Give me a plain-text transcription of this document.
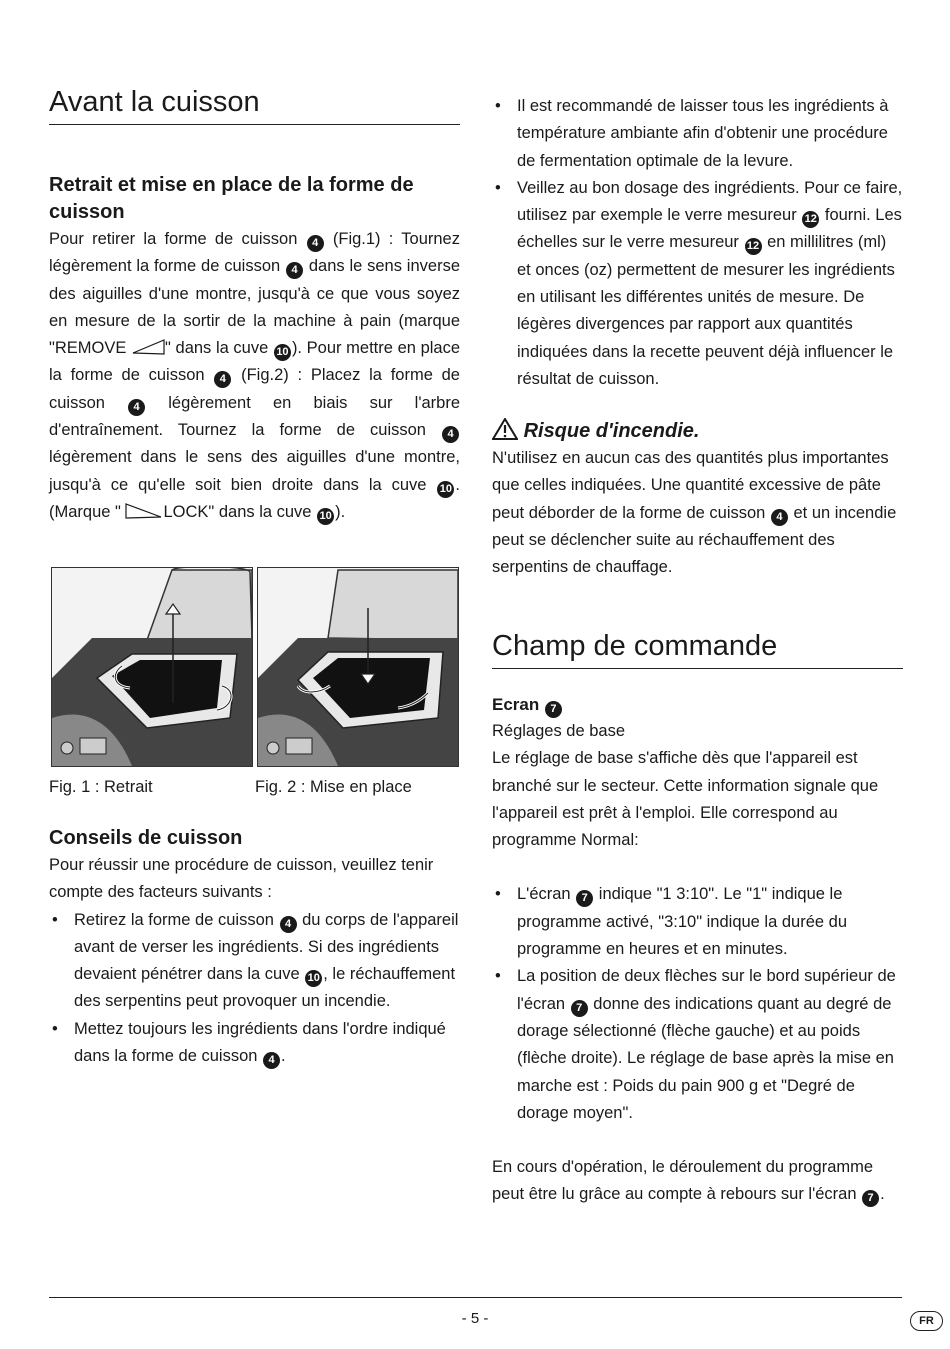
Avant la cuisson
Retrait et mise en place de la forme de cuisson

Pour retirer la forme de cuisson 4 (Fig.1) : Tournez légèrement la forme de cuisson 4 dans le sens inverse des aiguilles d'une montre, jusqu'à ce que vous soyez en mesure de la sortir de la machine à pain (marque "REMOVE " dans la cuve 10 ). Pour mettre en place la forme de cuisson 4 (Fig.2) : Placez la forme de cuisson 4 légèrement en biais sur l'arbre d'entraînement. Tournez la forme de cuisson 4 légèrement dans le sens des aiguilles d'une montre, jusqu'à ce qu'elle soit bien droite dans la cuve 10 . (Marque " LOCK" dans la cuve 10 ).

Fig. 1 : Retrait	Fig. 2 : Mise en place
Conseils de cuisson

Pour réussir une procédure de cuisson, veuillez tenir compte des facteurs suivants :

• Retirez la forme de cuisson 4 du corps de l'appareil avant de verser les ingrédients. Si des ingrédients devaient pénétrer dans la cuve 10 , le réchauffement des serpentins peut provoquer un incendie.
• Mettez toujours les ingrédients dans l'ordre indiqué dans la forme de cuisson 4 .
• Il est recommandé de laisser tous les ingrédients à température ambiante afin d'obtenir une procédure de fermentation optimale de la levure.
• Veillez au bon dosage des ingrédients. Pour ce faire, utilisez par exemple le verre mesureur 12 fourni. Les échelles sur le verre mesureur 12 en millilitres (ml) et onces (oz) permettent de mesurer les ingrédients en utilisant les différentes unités de mesure. De légères divergences par rapport aux quantités indiquées dans la recette peuvent déjà influencer le résultat de cuisson.
Risque d'incendie.

N'utilisez en aucun cas des quantités plus importantes que celles indiquées. Une quantité excessive de pâte peut déborder de la forme de cuisson 4 et un incendie peut se déclencher suite au réchauffement des serpentins de chauffage.

Champ de commande
Ecran 7

Réglages de base

Le réglage de base s'affiche dès que l'appareil est branché sur le secteur. Cette information signale que l'appareil est prêt à l'emploi. Elle correspond au programme Normal:

• L'écran 7 indique "1 3:10". Le "1" indique le programme activé, "3:10" indique la durée du programme en heures et en minutes.
• La position de deux flèches sur le bord supérieur de l'écran 7 donne des indications quant au degré de dorage sélectionné (flèche gauche) et au poids (flèche droite). Le réglage de base après la mise en marche est : Poids du pain 900 g et "Degré de dorage moyen".

En cours d'opération, le déroulement du programme peut être lu grâce au compte à rebours sur l'écran 7 .

- 5 -	FR
